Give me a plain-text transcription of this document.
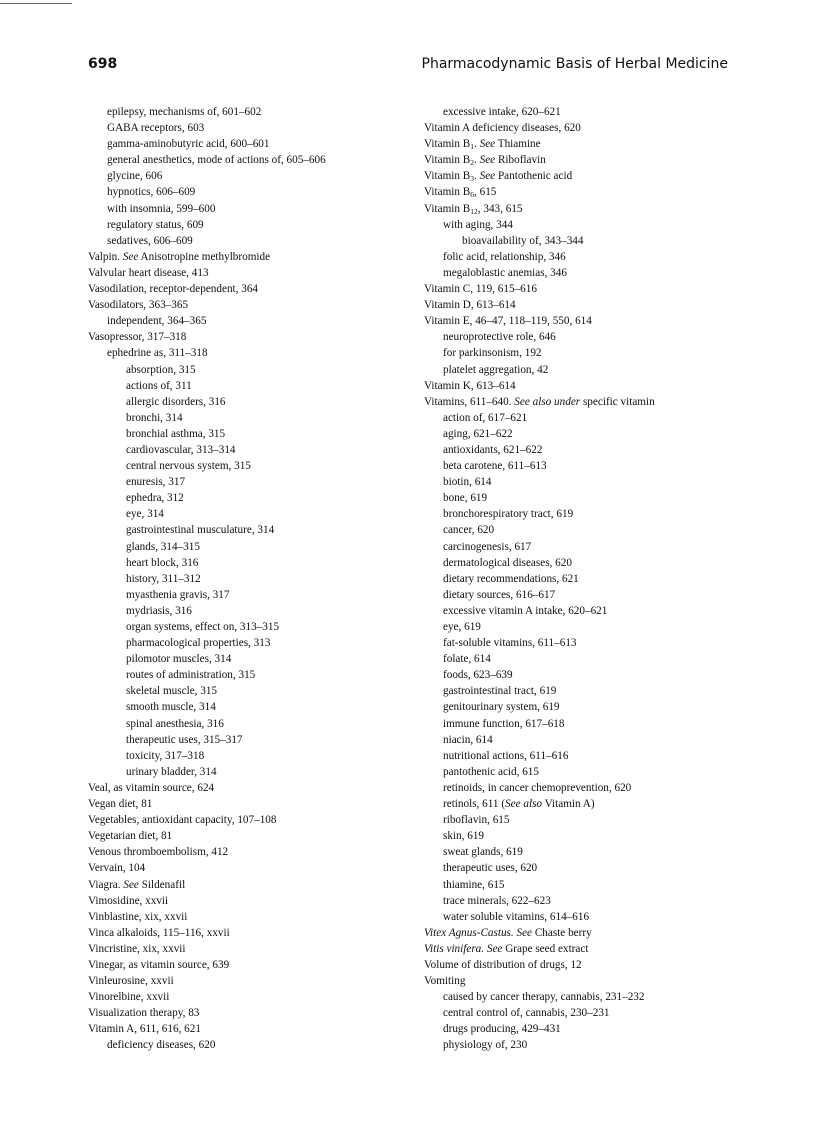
698	Pharmacodynamic Basis of Herbal Medicine
epilepsy, mechanisms of, 601–602
GABA receptors, 603
gamma-aminobutyric acid, 600–601
general anesthetics, mode of actions of, 605–606
glycine, 606
hypnotics, 606–609
with insomnia, 599–600
regulatory status, 609
sedatives, 606–609
Valpin. See Anisotropine methylbromide
Valvular heart disease, 413
Vasodilation, receptor-dependent, 364
Vasodilators, 363–365
independent, 364–365
Vasopressor, 317–318
ephedrine as, 311–318
absorption, 315
actions of, 311
allergic disorders, 316
bronchi, 314
bronchial asthma, 315
cardiovascular, 313–314
central nervous system, 315
enuresis, 317
ephedra, 312
eye, 314
gastrointestinal musculature, 314
glands, 314–315
heart block, 316
history, 311–312
myasthenia gravis, 317
mydriasis, 316
organ systems, effect on, 313–315
pharmacological properties, 313
pilomotor muscles, 314
routes of administration, 315
skeletal muscle, 315
smooth muscle, 314
spinal anesthesia, 316
therapeutic uses, 315–317
toxicity, 317–318
urinary bladder, 314
Veal, as vitamin source, 624
Vegan diet, 81
Vegetables, antioxidant capacity, 107–108
Vegetarian diet, 81
Venous thromboembolism, 412
Vervain, 104
Viagra. See Sildenafil
Vimosidine, xxvii
Vinblastine, xix, xxvii
Vinca alkaloids, 115–116, xxvii
Vincristine, xix, xxvii
Vinegar, as vitamin source, 639
Vinleurosine, xxvii
Vinorelbine, xxvii
Visualization therapy, 83
Vitamin A, 611, 616, 621
deficiency diseases, 620
excessive intake, 620–621
Vitamin A deficiency diseases, 620
Vitamin $B_1$. See Thiamine
Vitamin $B_2$. See Riboflavin
Vitamin $B_3$. See Pantothenic acid
Vitamin $B_6$, 615
Vitamin $B_{12}$, 343, 615
with aging, 344
bioavailability of, 343–344
folic acid, relationship, 346
megaloblastic anemias, 346
Vitamin C, 119, 615–616
Vitamin D, 613–614
Vitamin E, 46–47, 118–119, 550, 614
neuroprotective role, 646
for parkinsonism, 192
platelet aggregation, 42
Vitamin K, 613–614
Vitamins, 611–640. See also under specific vitamin
action of, 617–621
aging, 621–622
antioxidants, 621–622
beta carotene, 611–613
biotin, 614
bone, 619
bronchorespiratory tract, 619
cancer, 620
carcinogenesis, 617
dermatological diseases, 620
dietary recommendations, 621
dietary sources, 616–617
excessive vitamin A intake, 620–621
eye, 619
fat-soluble vitamins, 611–613
folate, 614
foods, 623–639
gastrointestinal tract, 619
genitourinary system, 619
immune function, 617–618
niacin, 614
nutritional actions, 611–616
pantothenic acid, 615
retinoids, in cancer chemoprevention, 620
retinols, 611 (See also Vitamin A)
riboflavin, 615
skin, 619
sweat glands, 619
therapeutic uses, 620
thiamine, 615
trace minerals, 622–623
water soluble vitamins, 614–616
Vitex Agnus-Castus. See Chaste berry
Vitis vinifera. See Grape seed extract
Volume of distribution of drugs, 12
Vomiting
caused by cancer therapy, cannabis, 231–232
central control of, cannabis, 230–231
drugs producing, 429–431
physiology of, 230
